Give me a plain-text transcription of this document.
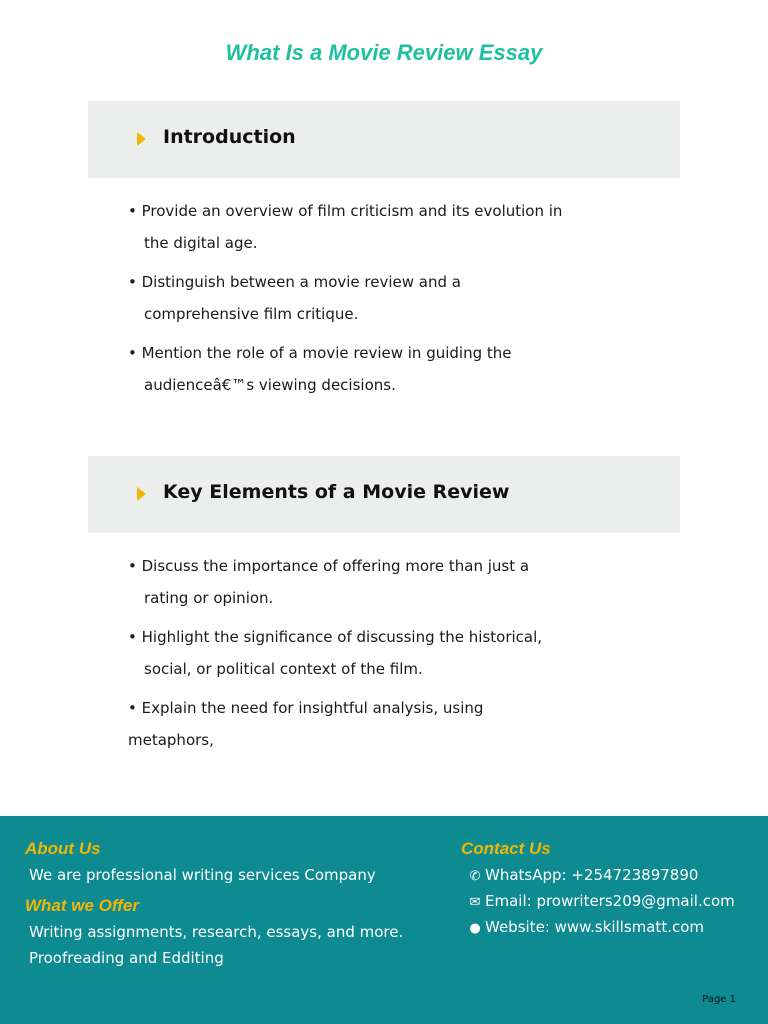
What Is a Movie Review Essay
Introduction
• Provide an overview of film criticism and its evolution in
the digital age.
• Distinguish between a movie review and a
comprehensive film critique.
• Mention the role of a movie review in guiding the
audienceâ€™s viewing decisions.
Key Elements of a Movie Review
• Discuss the importance of offering more than just a
rating or opinion.
• Highlight the significance of discussing the historical,
social, or political context of the film.
• Explain the need for insightful analysis, using metaphors,
About Us
We are professional writing services Company
What we Offer
Writing assignments, research, essays, and more.
Proofreading and Edditing
Contact Us
✆ WhatsApp: +254723897890
✉ Email: prowriters209@gmail.com
● Website: www.skillsmatt.com
Page 1
